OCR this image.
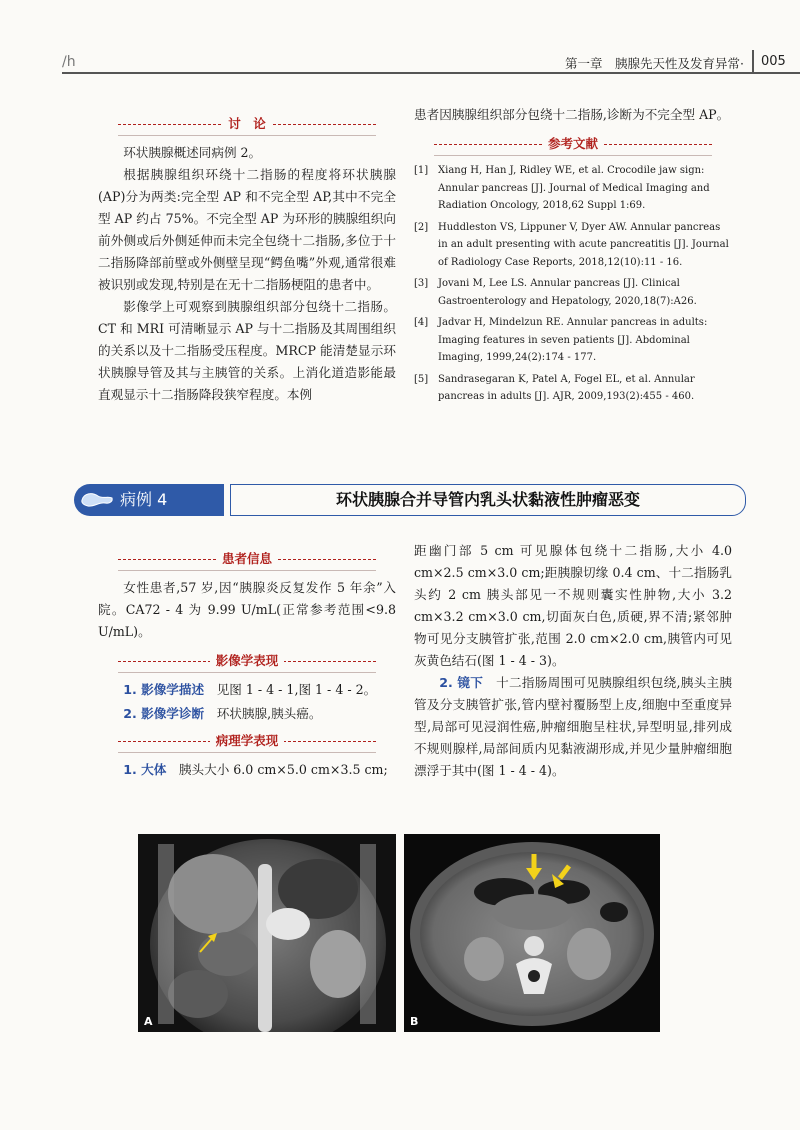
/h	第一章　胰腺先天性及发育异常·	005
讨　论

环状胰腺概述同病例 2。

根据胰腺组织环绕十二指肠的程度将环状胰腺(AP)分为两类:完全型 AP 和不完全型 AP,其中不完全型 AP 约占 75%。不完全型 AP 为环形的胰腺组织向前外侧或后外侧延伸而未完全包绕十二指肠,多位于十二指肠降部前壁或外侧壁呈现“鳄鱼嘴”外观,通常很难被识别或发现,特别是在无十二指肠梗阻的患者中。

影像学上可观察到胰腺组织部分包绕十二指肠。CT 和 MRI 可清晰显示 AP 与十二指肠及其周围组织的关系以及十二指肠受压程度。MRCP 能清楚显示环状胰腺导管及其与主胰管的关系。上消化道造影能最直观显示十二指肠降段狭窄程度。本例

患者因胰腺组织部分包绕十二指肠,诊断为不完全型 AP。

参考文献
[1] Xiang H, Han J, Ridley WE, et al. Crocodile jaw sign: Annular pancreas [J]. Journal of Medical Imaging and Radiation Oncology, 2018,62 Suppl 1:69.
[2] Huddleston VS, Lippuner V, Dyer AW. Annular pancreas in an adult presenting with acute pancreatitis [J]. Journal of Radiology Case Reports, 2018,12(10):11 - 16.
[3] Jovani M, Lee LS. Annular pancreas [J]. Clinical Gastroenterology and Hepatology, 2020,18(7):A26.
[4] Jadvar H, Mindelzun RE. Annular pancreas in adults: Imaging features in seven patients [J]. Abdominal Imaging, 1999,24(2):174 - 177.
[5] Sandrasegaran K, Patel A, Fogel EL, et al. Annular pancreas in adults [J]. AJR, 2009,193(2):455 - 460.
病例 4	环状胰腺合并导管内乳头状黏液性肿瘤恶变
患者信息

女性患者,57 岁,因“胰腺炎反复发作 5 年余”入院。CA72 - 4 为 9.99 U/mL(正常参考范围<9.8 U/mL)。

影像学表现

1. 影像学描述　 见图 1 - 4 - 1,图 1 - 4 - 2。

2. 影像学诊断　 环状胰腺,胰头癌。

病理学表现

1. 大体　 胰头大小 6.0 cm×5.0 cm×3.5 cm;

距幽门部 5 cm 可见腺体包绕十二指肠,大小 4.0 cm×2.5 cm×3.0 cm;距胰腺切缘 0.4 cm、十二指肠乳头约 2 cm 胰头部见一不规则囊实性肿物,大小 3.2 cm×3.2 cm×3.0 cm,切面灰白色,质硬,界不清;紧邻肿物可见分支胰管扩张,范围 2.0 cm×2.0 cm,胰管内可见灰黄色结石(图 1 - 4 - 3)。

2. 镜下　 十二指肠周围可见胰腺组织包绕,胰头主胰管及分支胰管扩张,管内壁衬覆肠型上皮,细胞中至重度异型,局部可见浸润性癌,肿瘤细胞呈柱状,异型明显,排列成不规则腺样,局部间质内见黏液湖形成,并见少量肿瘤细胞漂浮于其中(图 1 - 4 - 4)。

A	B
